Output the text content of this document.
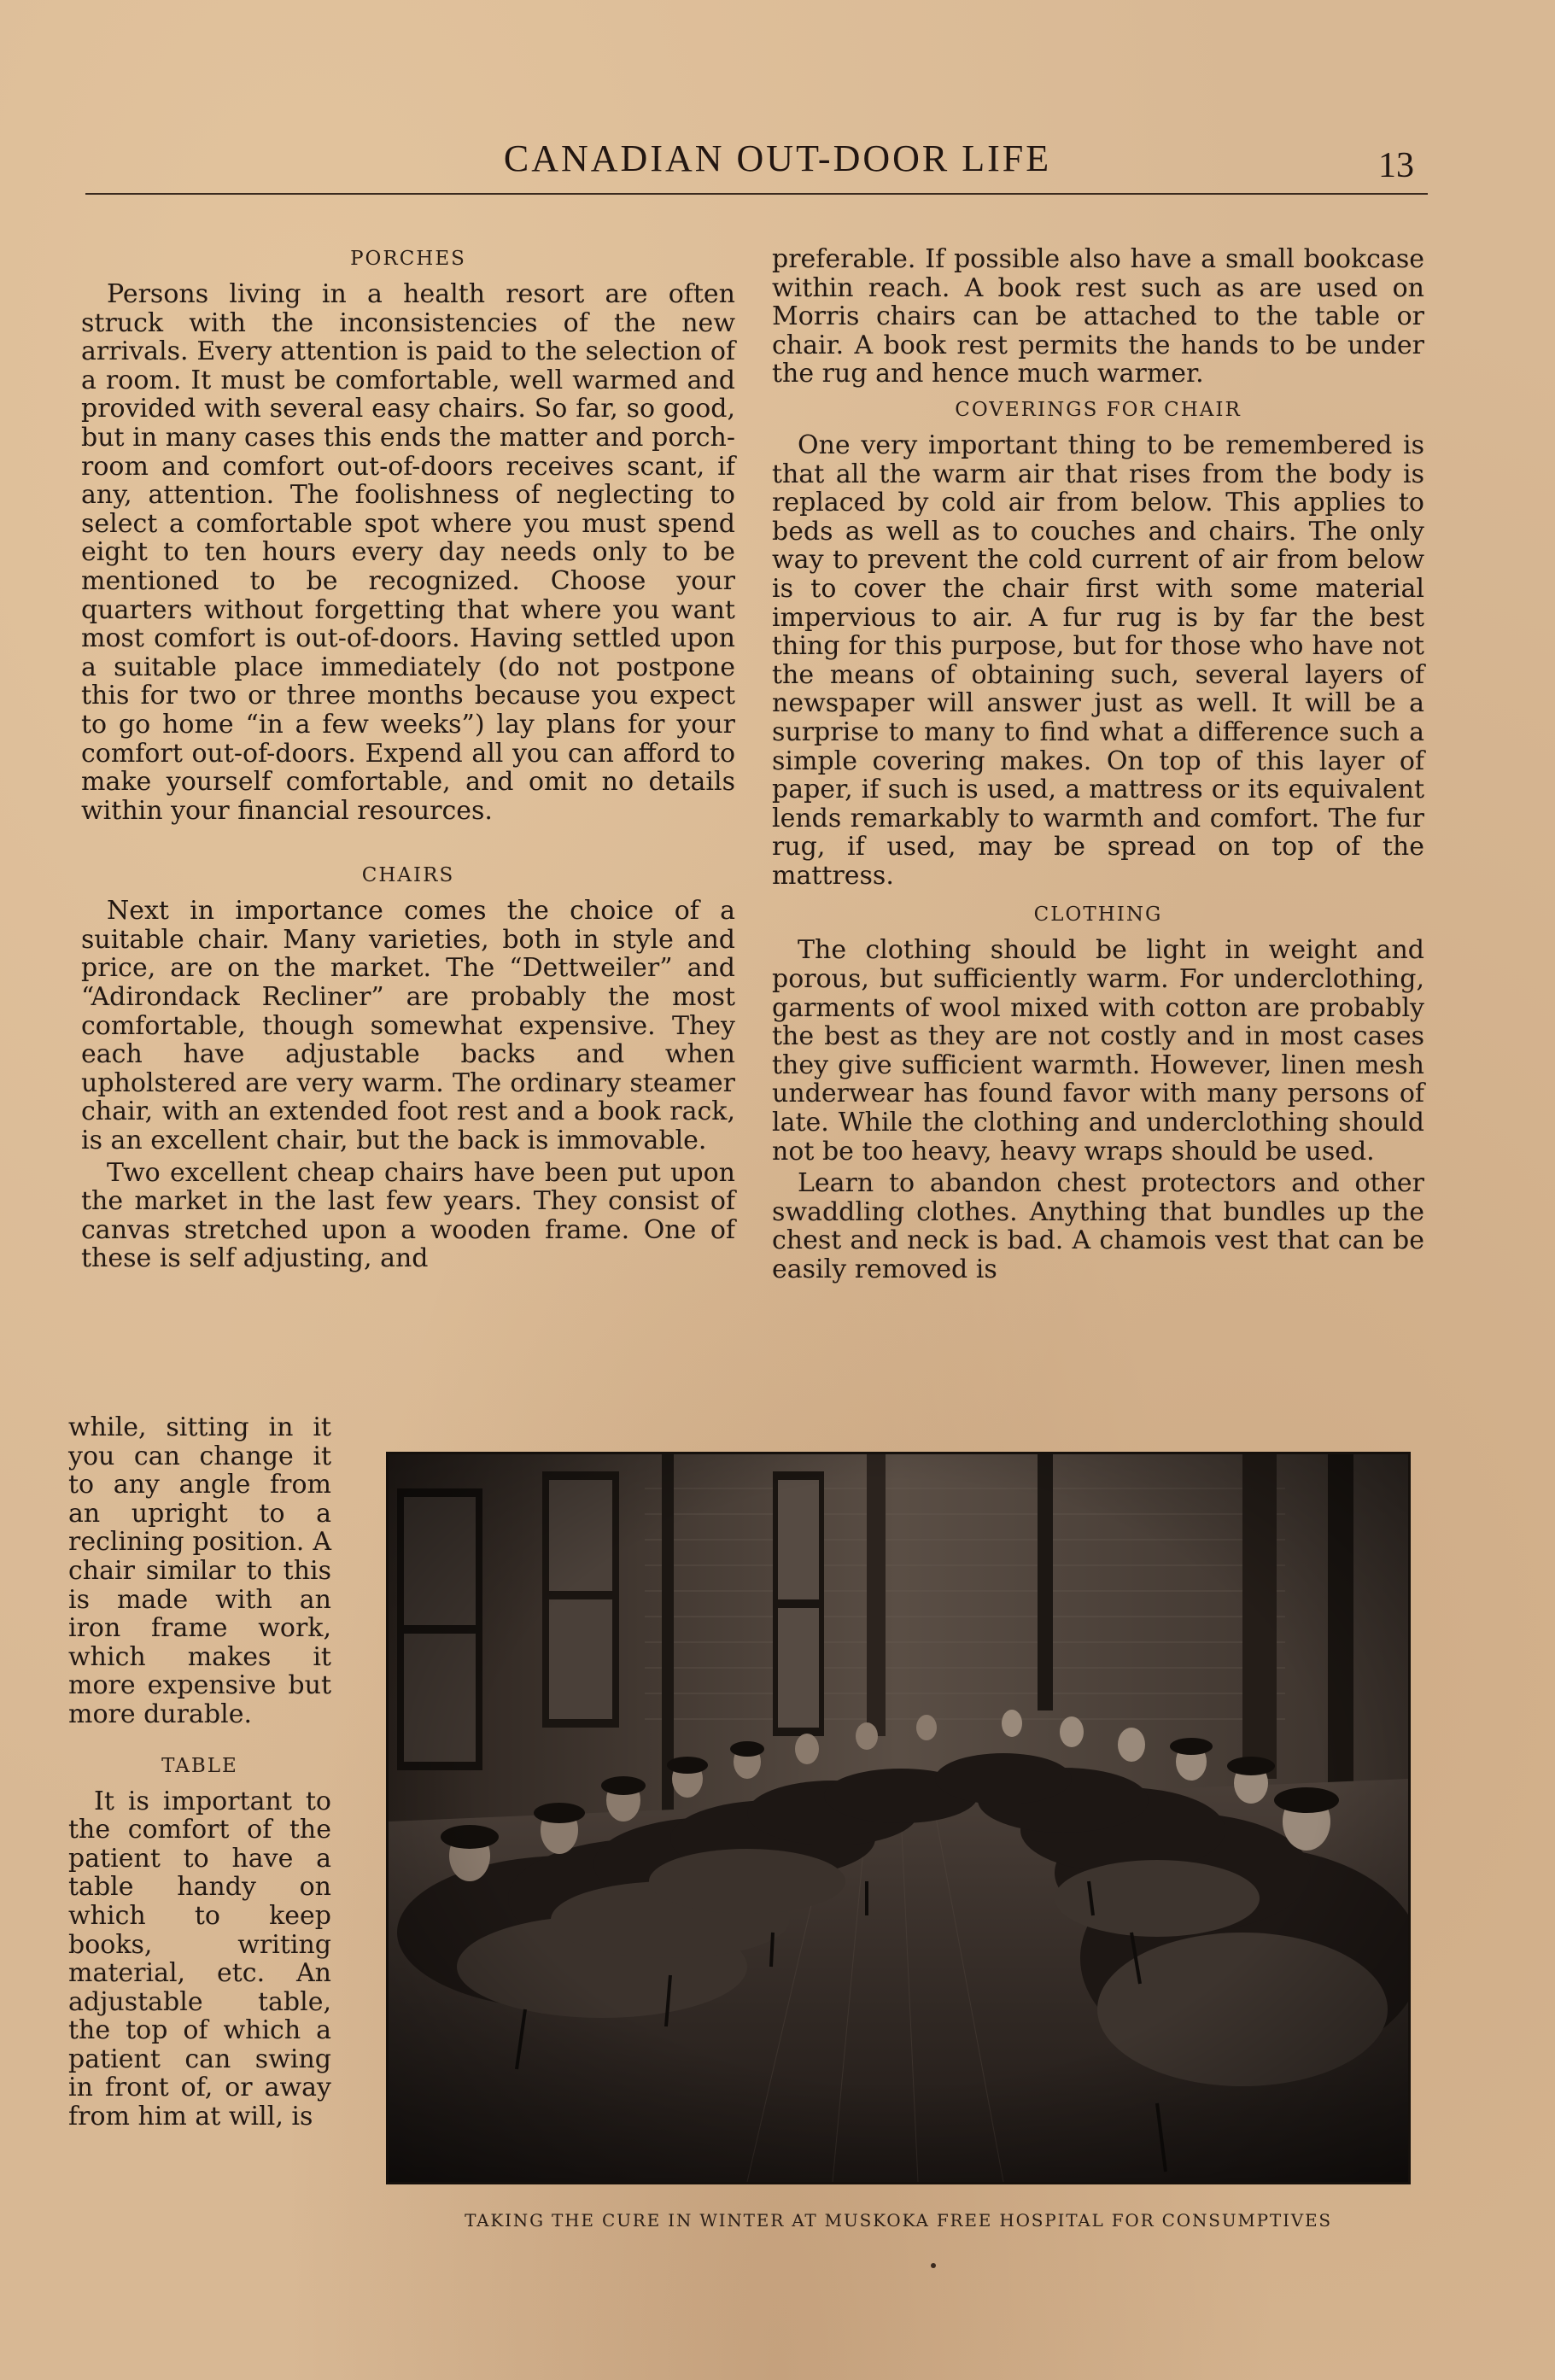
CANADIAN OUT-DOOR LIFE	13
PORCHES

Persons living in a health resort are often struck with the inconsistencies of the new arrivals. Every attention is paid to the selection of a room. It must be comfortable, well warmed and provided with several easy chairs. So far, so good, but in many cases this ends the matter and porch-room and comfort out-of-doors receives scant, if any, attention. The foolishness of neglecting to select a comfortable spot where you must spend eight to ten hours every day needs only to be mentioned to be recognized. Choose your quarters without forgetting that where you want most comfort is out-of-doors. Having settled upon a suitable place immediately (do not postpone this for two or three months because you expect to go home “in a few weeks”) lay plans for your comfort out-of-doors. Expend all you can afford to make yourself comfortable, and omit no details within your financial resources.

CHAIRS

Next in importance comes the choice of a suitable chair. Many varieties, both in style and price, are on the market. The “Dettweiler” and “Adirondack Recliner” are probably the most comfortable, though somewhat expensive. They each have adjustable backs and when upholstered are very warm. The ordinary steamer chair, with an extended foot rest and a book rack, is an excellent chair, but the back is immovable.

Two excellent cheap chairs have been put upon the market in the last few years. They consist of canvas stretched upon a wooden frame. One of these is self adjusting, and

while, sitting in it you can change it to any angle from an upright to a reclining position. A chair similar to this is made with an iron frame work, which makes it more expensive but more durable.

TABLE

It is important to the comfort of the patient to have a table handy on which to keep books, writing material, etc. An adjustable table, the top of which a patient can swing in front of, or away from him at will, is

preferable. If possible also have a small bookcase within reach. A book rest such as are used on Morris chairs can be attached to the table or chair. A book rest permits the hands to be under the rug and hence much warmer.

COVERINGS FOR CHAIR

One very important thing to be remembered is that all the warm air that rises from the body is replaced by cold air from below. This applies to beds as well as to couches and chairs. The only way to prevent the cold current of air from below is to cover the chair first with some material impervious to air. A fur rug is by far the best thing for this purpose, but for those who have not the means of obtaining such, several layers of newspaper will answer just as well. It will be a surprise to many to find what a difference such a simple covering makes. On top of this layer of paper, if such is used, a mattress or its equivalent lends remarkably to warmth and comfort. The fur rug, if used, may be spread on top of the mattress.

CLOTHING

The clothing should be light in weight and porous, but sufficiently warm. For underclothing, garments of wool mixed with cotton are probably the best as they are not costly and in most cases they give sufficient warmth. However, linen mesh underwear has found favor with many persons of late. While the clothing and underclothing should not be too heavy, heavy wraps should be used.

Learn to abandon chest protectors and other swaddling clothes. Anything that bundles up the chest and neck is bad. A chamois vest that can be easily removed is

TAKING THE CURE IN WINTER AT MUSKOKA FREE HOSPITAL FOR CONSUMPTIVES
